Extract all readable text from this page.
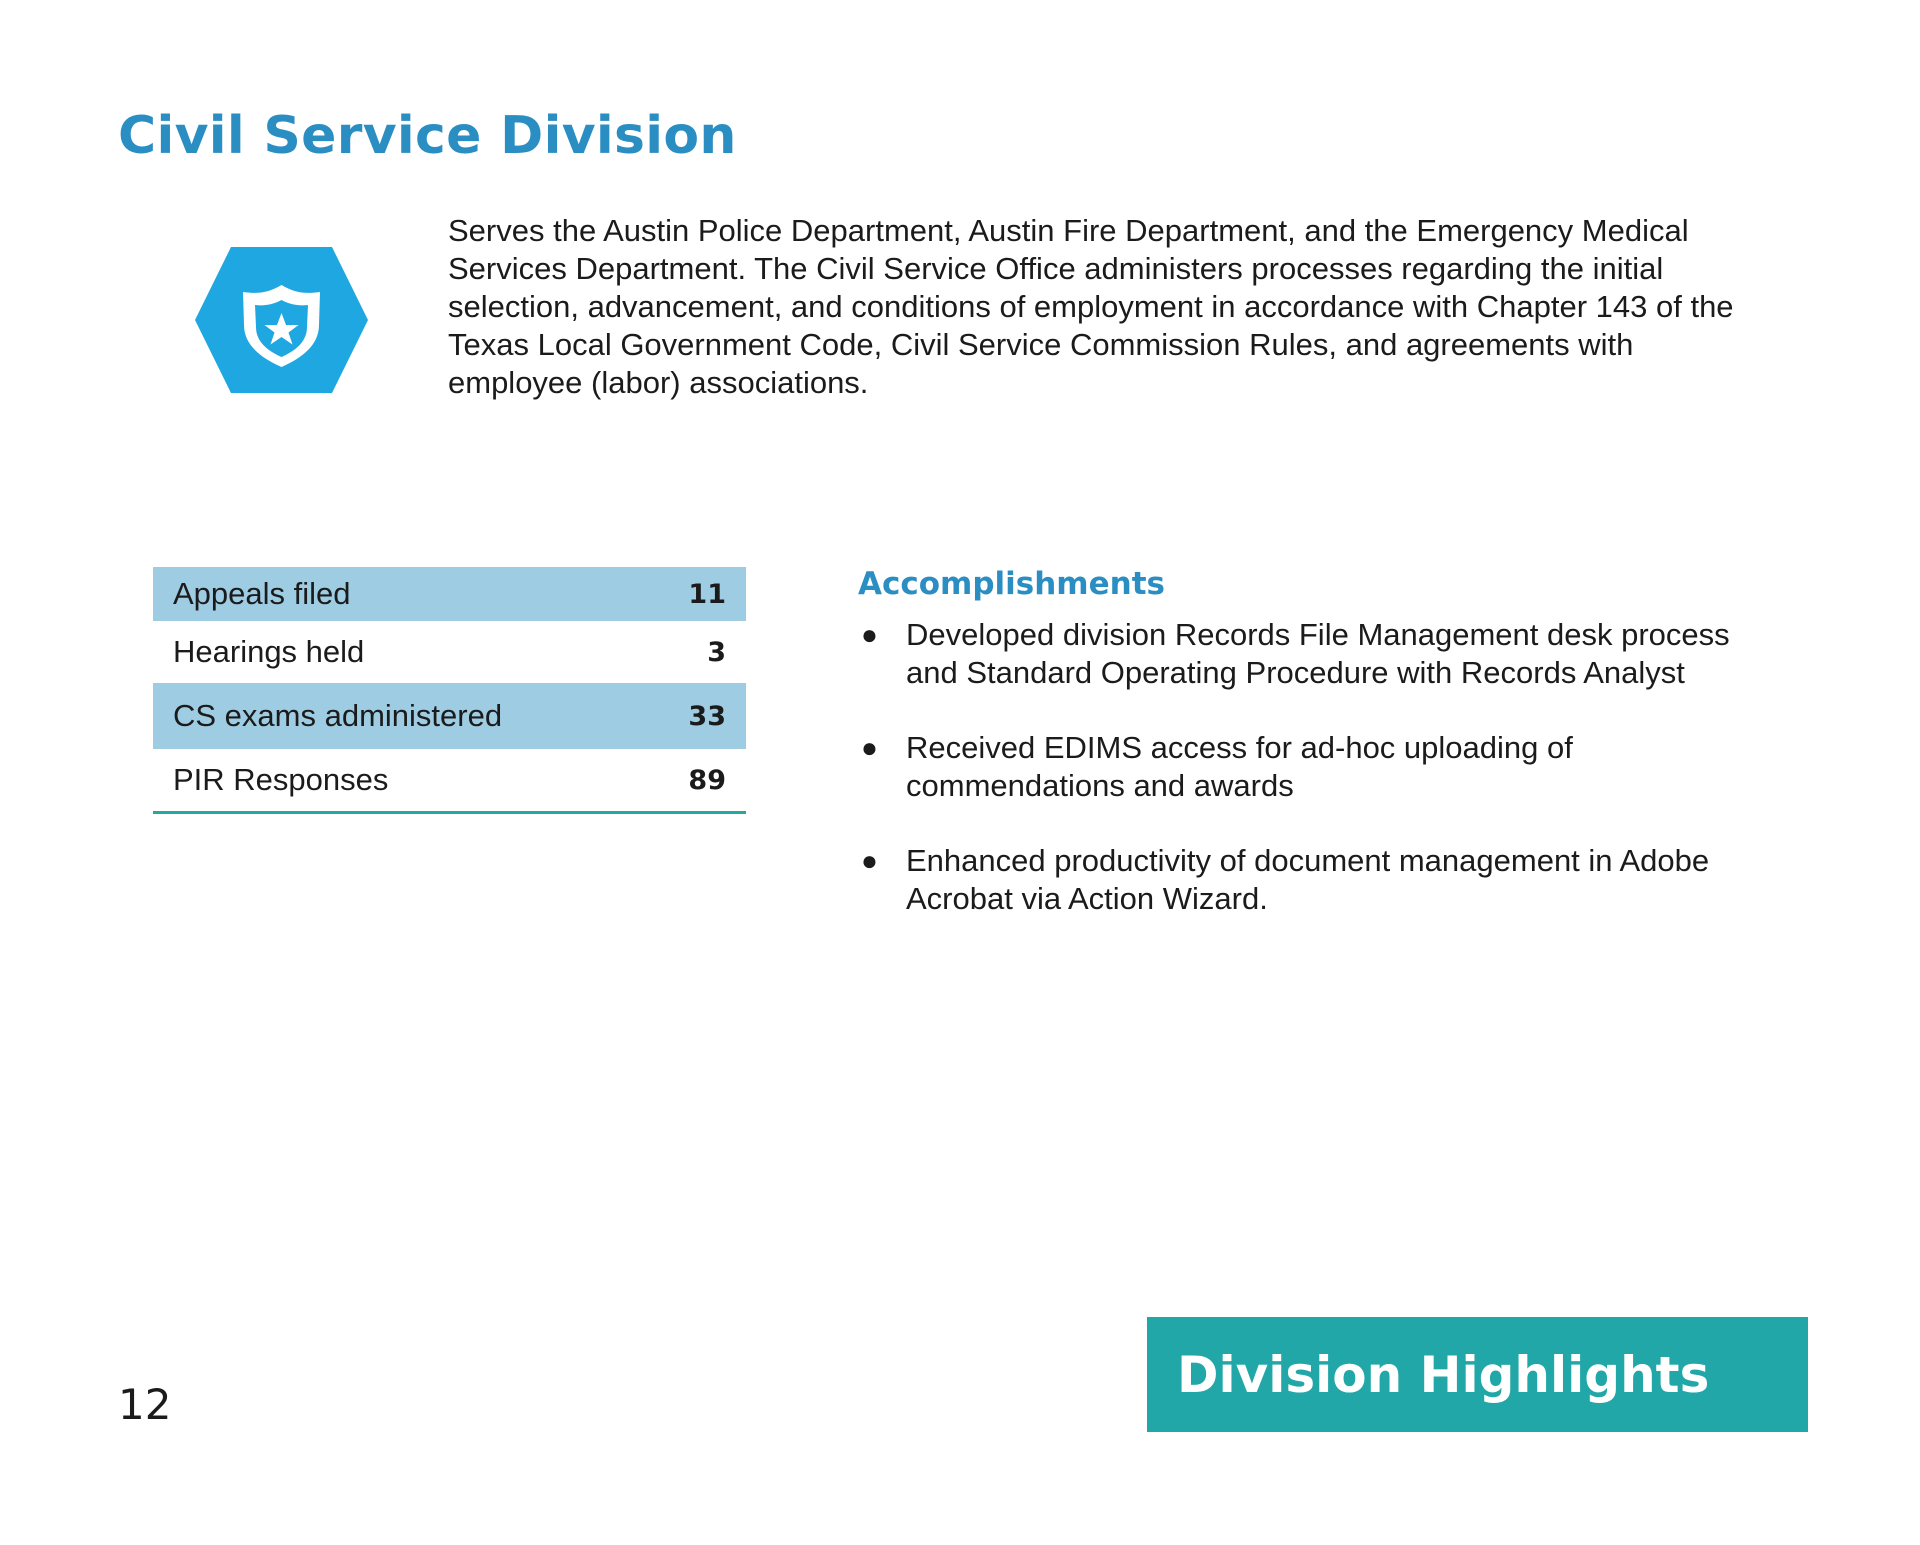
Civil Service Division

Serves the Austin Police Department, Austin Fire Department, and the Emergency Medical Services Department. The Civil Service Office administers processes regarding the initial selection, advancement, and conditions of employment in accordance with Chapter 143 of the Texas Local Government Code, Civil Service Commission Rules, and agreements with employee (labor) associations.

Appeals filed	11
Hearings held	3
CS exams administered	33
PIR Responses	89
Accomplishments
● Developed division Records File Management desk process and Standard Operating Procedure with Records Analyst
● Received EDIMS access for ad-hoc uploading of commendations and awards
● Enhanced productivity of document management in Adobe Acrobat via Action Wizard.
12
Division Highlights
